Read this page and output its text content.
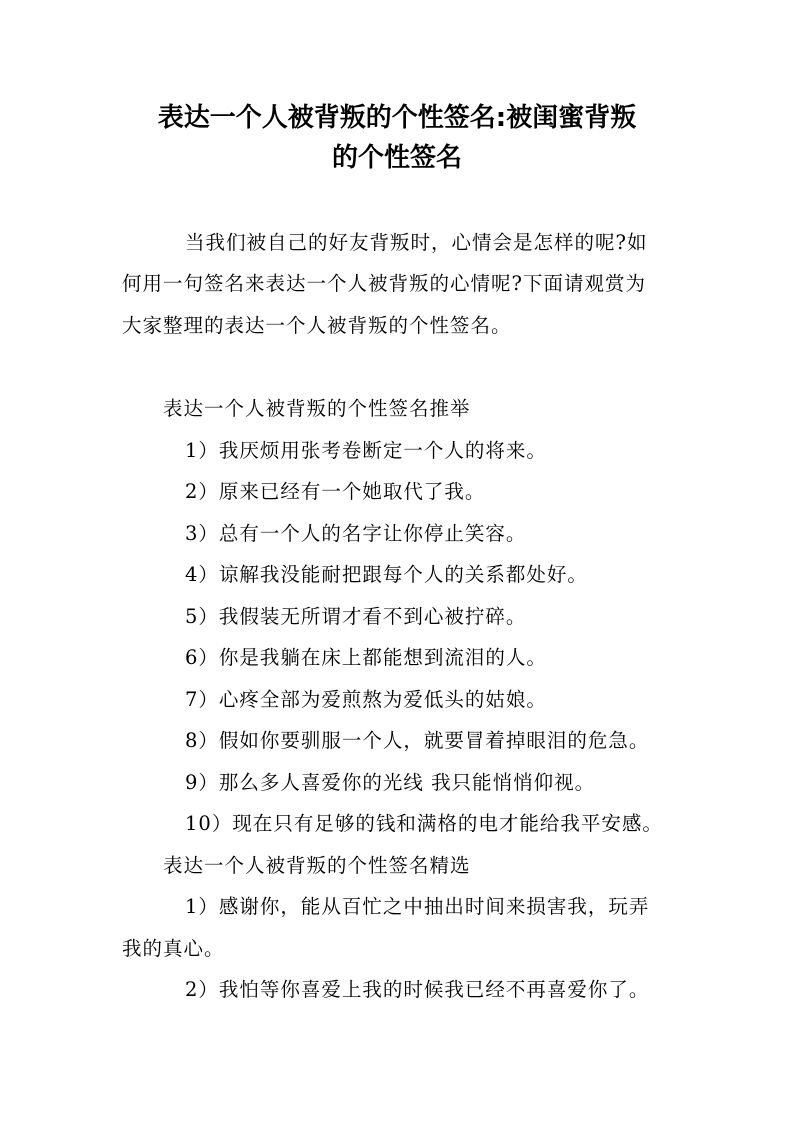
表达一个人被背叛的个性签名:被闺蜜背叛
的个性签名
当我们被自己的好友背叛时，心情会是怎样的呢?如
何用一句签名来表达一个人被背叛的心情呢?下面请观赏为
大家整理的表达一个人被背叛的个性签名。
表达一个人被背叛的个性签名推举
1）我厌烦用张考卷断定一个人的将来。
2）原来已经有一个她取代了我。
3）总有一个人的名字让你停止笑容。
4）谅解我没能耐把跟每个人的关系都处好。
5）我假装无所谓才看不到心被拧碎。
6）你是我躺在床上都能想到流泪的人。
7）心疼全部为爱煎熬为爱低头的姑娘。
8）假如你要驯服一个人，就要冒着掉眼泪的危急。
9）那么多人喜爱你的光线 我只能悄悄仰视。
10）现在只有足够的钱和满格的电才能给我平安感。
表达一个人被背叛的个性签名精选
1）感谢你，能从百忙之中抽出时间来损害我，玩弄
我的真心。
2）我怕等你喜爱上我的时候我已经不再喜爱你了。
